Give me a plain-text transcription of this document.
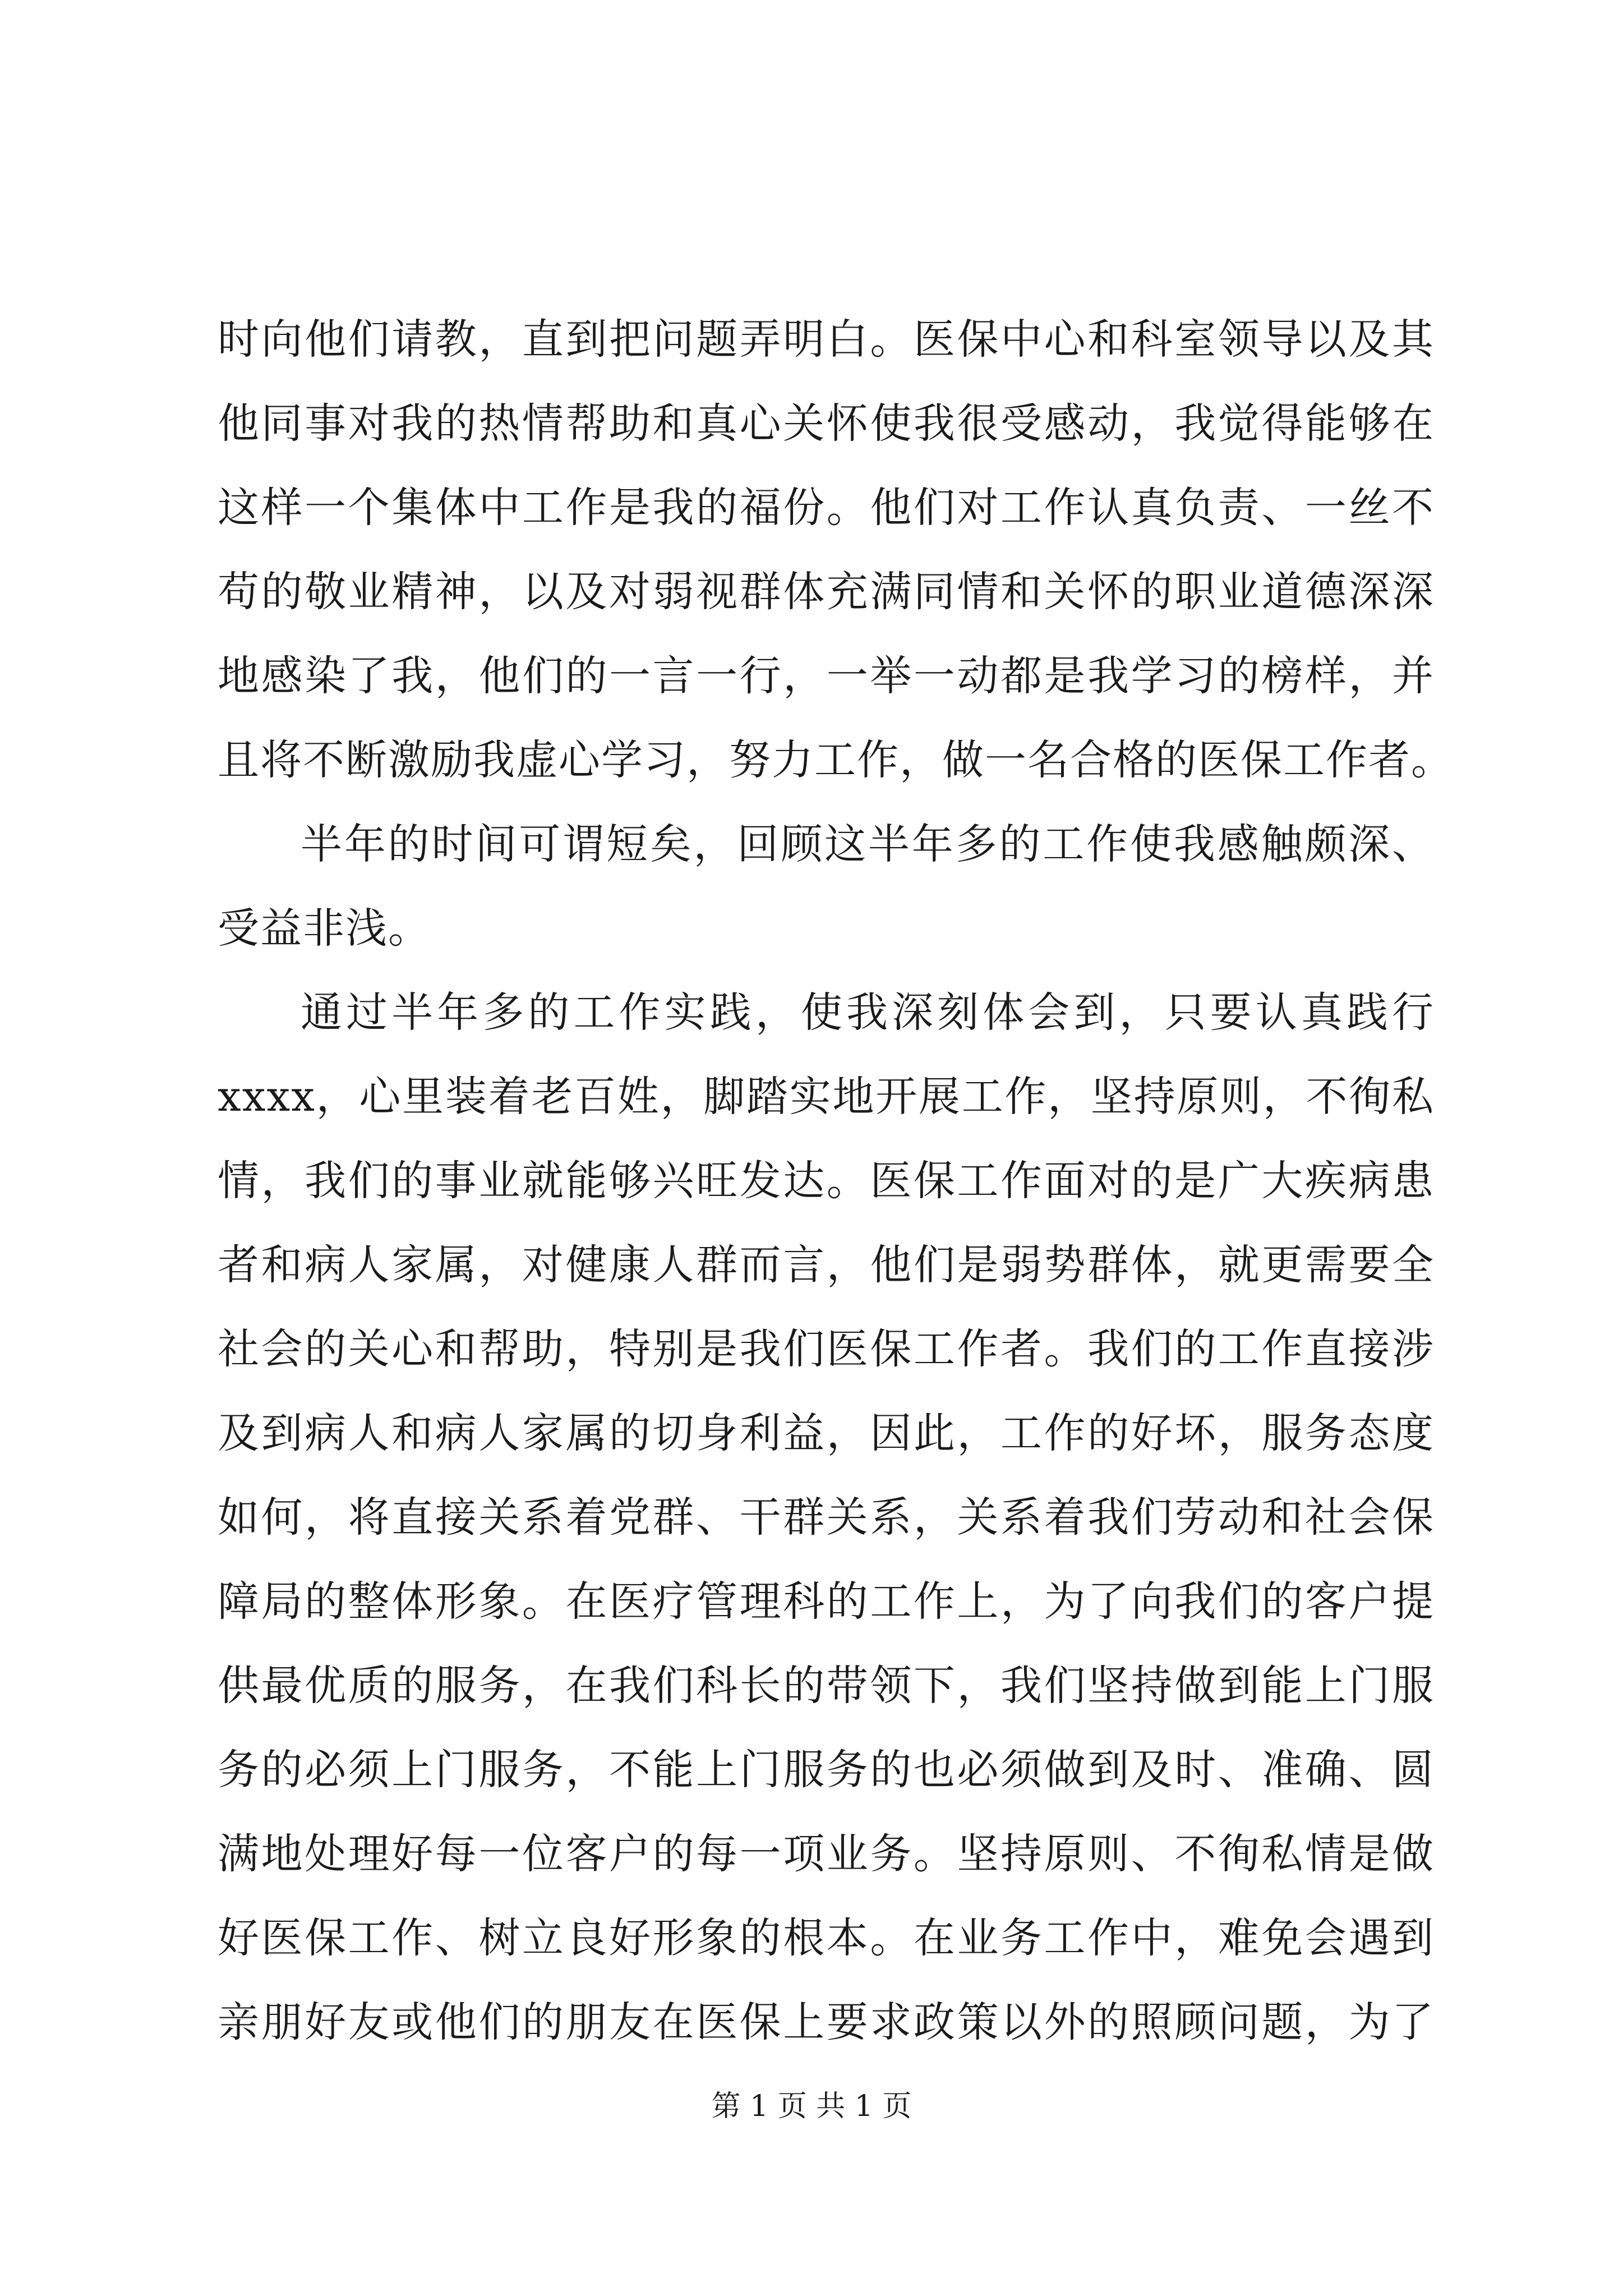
时向他们请教，直到把问题弄明白。医保中心和科室领导以及其
他同事对我的热情帮助和真心关怀使我很受感动，我觉得能够在
这样一个集体中工作是我的福份。他们对工作认真负责、一丝不
苟的敬业精神，以及对弱视群体充满同情和关怀的职业道德深深
地感染了我，他们的一言一行，一举一动都是我学习的榜样，并
且将不断激励我虚心学习，努力工作，做一名合格的医保工作者。
半年的时间可谓短矣，回顾这半年多的工作使我感触颇深、
受益非浅。
通过半年多的工作实践，使我深刻体会到，只要认真践行
xxxx，心里装着老百姓，脚踏实地开展工作，坚持原则，不徇私
情，我们的事业就能够兴旺发达。医保工作面对的是广大疾病患
者和病人家属，对健康人群而言，他们是弱势群体，就更需要全
社会的关心和帮助，特别是我们医保工作者。我们的工作直接涉
及到病人和病人家属的切身利益，因此，工作的好坏，服务态度
如何，将直接关系着党群、干群关系，关系着我们劳动和社会保
障局的整体形象。在医疗管理科的工作上，为了向我们的客户提
供最优质的服务，在我们科长的带领下，我们坚持做到能上门服
务的必须上门服务，不能上门服务的也必须做到及时、准确、圆
满地处理好每一位客户的每一项业务。坚持原则、不徇私情是做
好医保工作、树立良好形象的根本。在业务工作中，难免会遇到
亲朋好友或他们的朋友在医保上要求政策以外的照顾问题，为了
第 1 页 共 1 页
